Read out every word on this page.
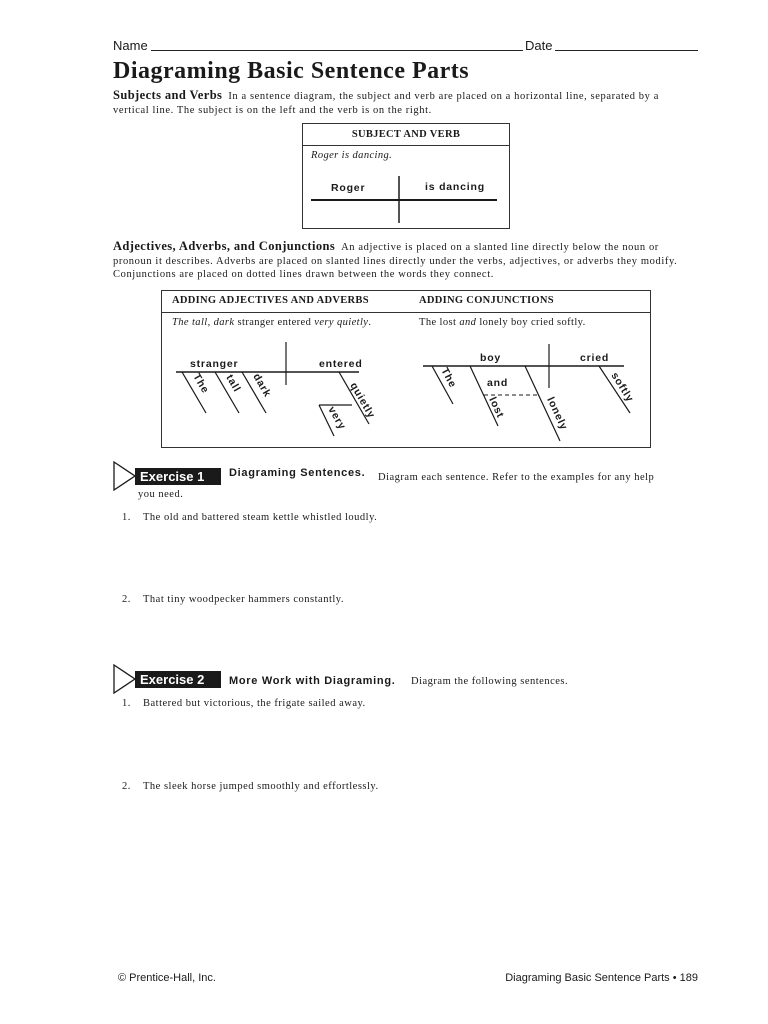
Name	Date
Diagraming Basic Sentence Parts
Subjects and Verbs In a sentence diagram, the subject and verb are placed on a horizontal line, separated by a vertical line. The subject is on the left and the verb is on the right.
SUBJECT AND VERB
Roger is dancing.
Roger	is dancing
Adjectives, Adverbs, and Conjunctions An adjective is placed on a slanted line directly below the noun or pronoun it describes. Adverbs are placed on slanted lines directly under the verbs, adjectives, or adverbs they modify. Conjunctions are placed on dotted lines drawn between the words they connect.
ADDING ADJECTIVES AND ADVERBS	ADDING CONJUNCTIONS
The tall, dark stranger entered very quietly.	The lost and lonely boy cried softly.
stranger	entered
The tall dark	quietly
very
boy	cried
The	and
lost	lonely
softly
Exercise 1 Diagraming Sentences. Diagram each sentence. Refer to the examples for any help
you need.
1. The old and battered steam kettle whistled loudly.
2. That tiny woodpecker hammers constantly.
Exercise 2 More Work with Diagraming. Diagram the following sentences.
1. Battered but victorious, the frigate sailed away.
2. The sleek horse jumped smoothly and effortlessly.
© Prentice-Hall, Inc.	Diagraming Basic Sentence Parts • 189
